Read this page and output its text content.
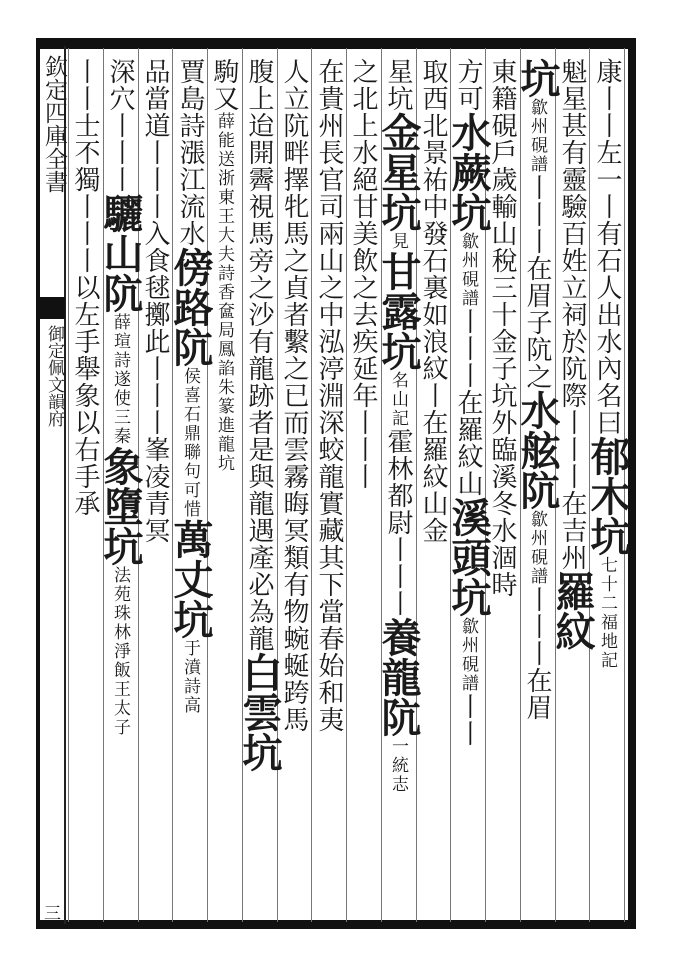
欽定四庫全書
御定佩文韻府
三
康丨丨左一丨有石人出水內名曰郁木坑七十二福地記
魁星甚有靈驗百姓立祠於阬際丨丨丨在吉州羅紋
坑歙州硯譜丨丨丨在眉子阬之水舷阬歙州硯譜丨丨丨在眉
東籍硯戶歲輸山稅三十金子坑外臨溪冬水涸時
方可水蕨坑歙州硯譜丨丨丨在羅紋山溪頭坑歙州硯譜丨丨
取西北景祐中發石裏如浪紋丨在羅紋山金
星坑金星坑見甘露坑名山記霍林都尉丨丨丨養龍阬一統志
之北上水絕甘美飲之去疾延年丨丨丨
在貴州長官司兩山之中泓渟淵深蛟龍實藏其下當春始和夷
人立阬畔擇牝馬之貞者繫之已而雲霧晦冥類有物蜿蜒跨馬
腹上迨開霽視馬旁之沙有龍跡者是與龍遇產必為龍白雲坑
駒又薛能送浙東王大夫詩香奩局鳳諂朱篆進龍坑
賈島詩漲江流水傍路阬侯喜石鼎聯句可惜萬丈坑于濆詩高
品當道丨丨丨入食毬擲此丨丨丨峯凌青冥
深穴丨丨丨驪山阬薛瑄詩遂使三秦象墮坑法苑珠林淨飯王太子
丨丨士不獨丨丨丨以左手舉象以右手承
